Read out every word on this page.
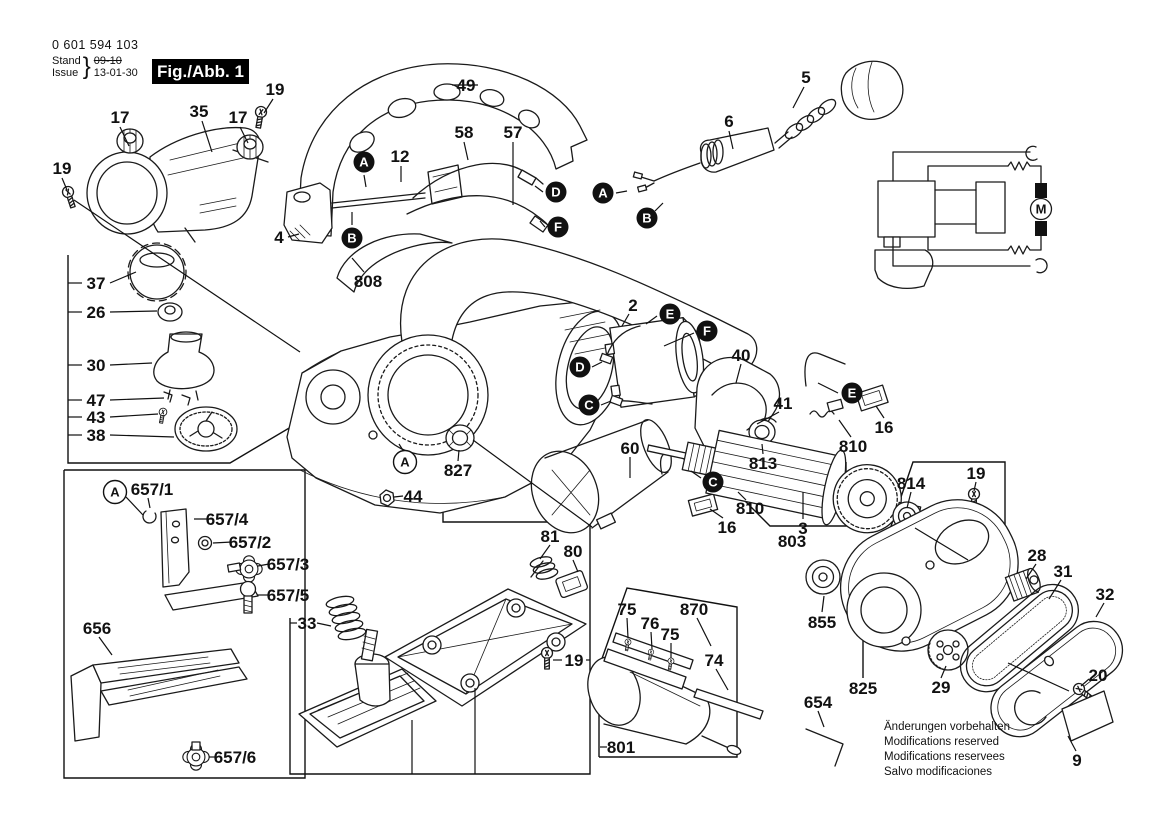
M
17	35 17
19
19
49
58 57
5
6
12
4
808
37
26
30
47
43
38
2
40
41
16
810
813
60
16
810
3
803
814
19
28
31
32
855
825	29
20
9
654
801
75
76
75
870
74
657/1
657/4
657/2
657/3
657/5
656
657/6
33
81
80
19
44
827
A
B
D
F
A
B
E
F
D
C
E
C
A
A
0 601 594 103
Stand
Issue } 09-10
13-01-30 Fig./Abb. 1
Änderungen vorbehalten
Modifications reserved
Modifications reservees
Salvo modificaciones
